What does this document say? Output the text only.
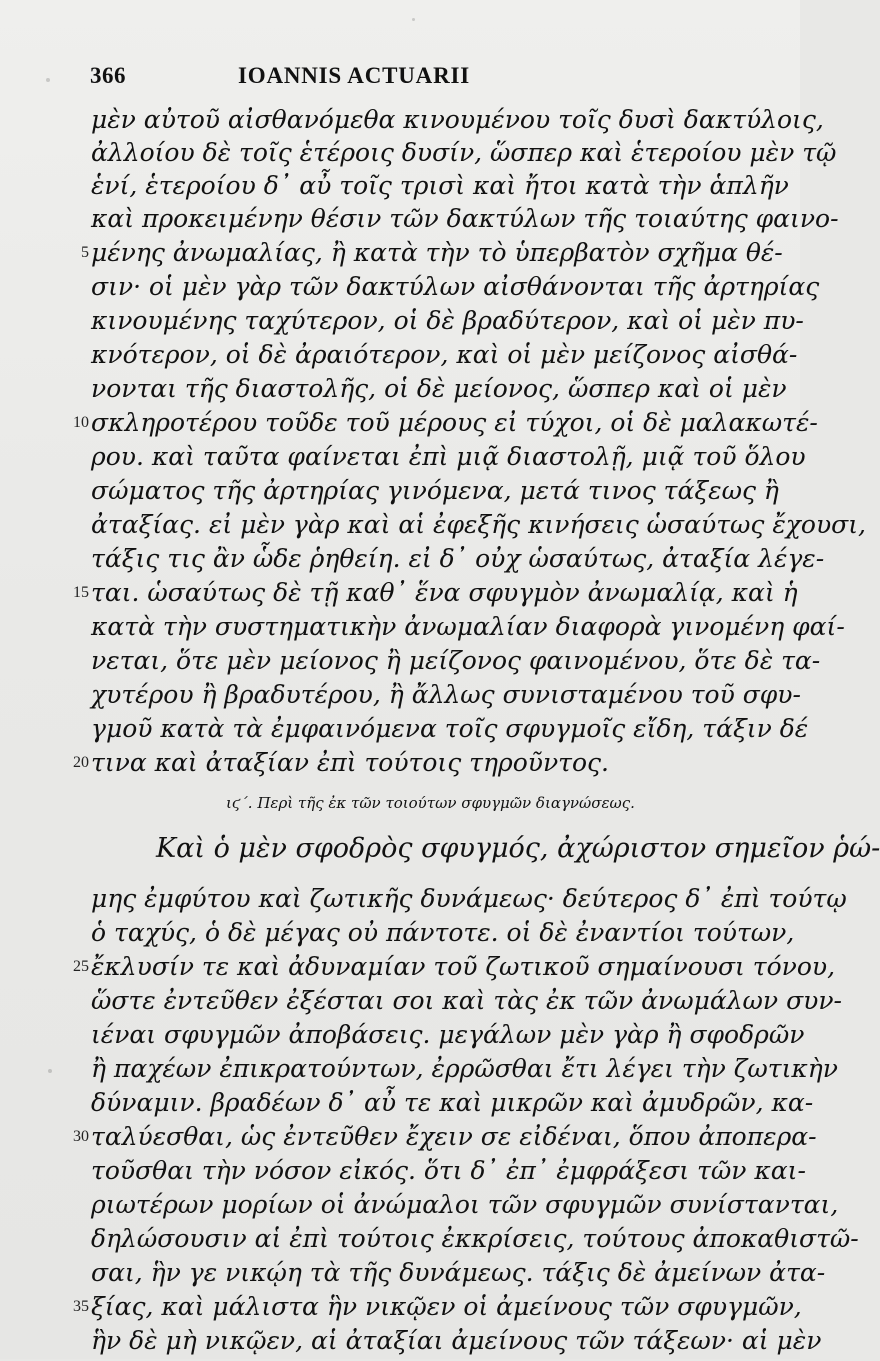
366	IOANNIS ACTUARII
μὲν αὐτοῦ αἰσθανόμεθα κινουμένου τοῖς δυσὶ δακτύλοις,
ἀλλοίου δὲ τοῖς ἑτέροις δυσίν, ὥσπερ καὶ ἑτεροίου μὲν τῷ
ἑνί, ἑτεροίου δ᾿ αὖ τοῖς τρισὶ καὶ ἤτοι κατὰ τὴν ἁπλῆν
καὶ προκειμένην θέσιν τῶν δακτύλων τῆς τοιαύτης φαινο-
μένης ἀνωμαλίας, ἢ κατὰ τὴν τὸ ὑπερβατὸν σχῆμα θέ-
σιν· οἱ μὲν γὰρ τῶν δακτύλων αἰσθάνονται τῆς ἀρτηρίας
κινουμένης ταχύτερον, οἱ δὲ βραδύτερον, καὶ οἱ μὲν πυ-
κνότερον, οἱ δὲ ἀραιότερον, καὶ οἱ μὲν μείζονος αἰσθά-
νονται τῆς διαστολῆς, οἱ δὲ μείονος, ὥσπερ καὶ οἱ μὲν
σκληροτέρου τοῦδε τοῦ μέρους εἰ τύχοι, οἱ δὲ μαλακωτέ-
ρου. καὶ ταῦτα φαίνεται ἐπὶ μιᾷ διαστολῇ, μιᾷ τοῦ ὅλου
σώματος τῆς ἀρτηρίας γινόμενα, μετά τινος τάξεως ἢ
ἀταξίας. εἰ μὲν γὰρ καὶ αἱ ἐφεξῆς κινήσεις ὡσαύτως ἔχουσι,
τάξις τις ἂν ὧδε ῥηθείη. εἰ δ᾿ οὐχ ὡσαύτως, ἀταξία λέγε-
ται. ὡσαύτως δὲ τῇ καθ᾿ ἕνα σφυγμὸν ἀνωμαλίᾳ, καὶ ἡ
κατὰ τὴν συστηματικὴν ἀνωμαλίαν διαφορὰ γινομένη φαί-
νεται, ὅτε μὲν μείονος ἢ μείζονος φαινομένου, ὅτε δὲ τα-
χυτέρου ἢ βραδυτέρου, ἢ ἄλλως συνισταμένου τοῦ σφυ-
γμοῦ κατὰ τὰ ἐμφαινόμενα τοῖς σφυγμοῖς εἴδη, τάξιν δέ
τινα καὶ ἀταξίαν ἐπὶ τούτοις τηροῦντος.
5
10
15
20
25
30
35
ιϛ΄. Περὶ τῆς ἐκ τῶν τοιούτων σφυγμῶν διαγνώσεως.
Καὶ ὁ μὲν σφοδρὸς σφυγμός, ἀχώριστον σημεῖον ῥώ-
μης ἐμφύτου καὶ ζωτικῆς δυνάμεως· δεύτερος δ᾿ ἐπὶ τούτῳ
ὁ ταχύς, ὁ δὲ μέγας οὐ πάντοτε. οἱ δὲ ἐναντίοι τούτων,
ἔκλυσίν τε καὶ ἀδυναμίαν τοῦ ζωτικοῦ σημαίνουσι τόνου,
ὥστε ἐντεῦθεν ἐξέσται σοι καὶ τὰς ἐκ τῶν ἀνωμάλων συν-
ιέναι σφυγμῶν ἀποβάσεις. μεγάλων μὲν γὰρ ἢ σφοδρῶν
ἢ παχέων ἐπικρατούντων, ἐρρῶσθαι ἔτι λέγει τὴν ζωτικὴν
δύναμιν. βραδέων δ᾿ αὖ τε καὶ μικρῶν καὶ ἀμυδρῶν, κα-
ταλύεσθαι, ὡς ἐντεῦθεν ἔχειν σε εἰδέναι, ὅπου ἀποπερα-
τοῦσθαι τὴν νόσον εἰκός. ὅτι δ᾿ ἐπ᾿ ἐμφράξεσι τῶν και-
ριωτέρων μορίων οἱ ἀνώμαλοι τῶν σφυγμῶν συνίστανται,
δηλώσουσιν αἱ ἐπὶ τούτοις ἐκκρίσεις, τούτους ἀποκαθιστῶ-
σαι, ἣν γε νικῴη τὰ τῆς δυνάμεως. τάξις δὲ ἀμείνων ἀτα-
ξίας, καὶ μάλιστα ἣν νικῷεν οἱ ἀμείνους τῶν σφυγμῶν,
ἣν δὲ μὴ νικῷεν, αἱ ἀταξίαι ἀμείνους τῶν τάξεων· αἱ μὲν
